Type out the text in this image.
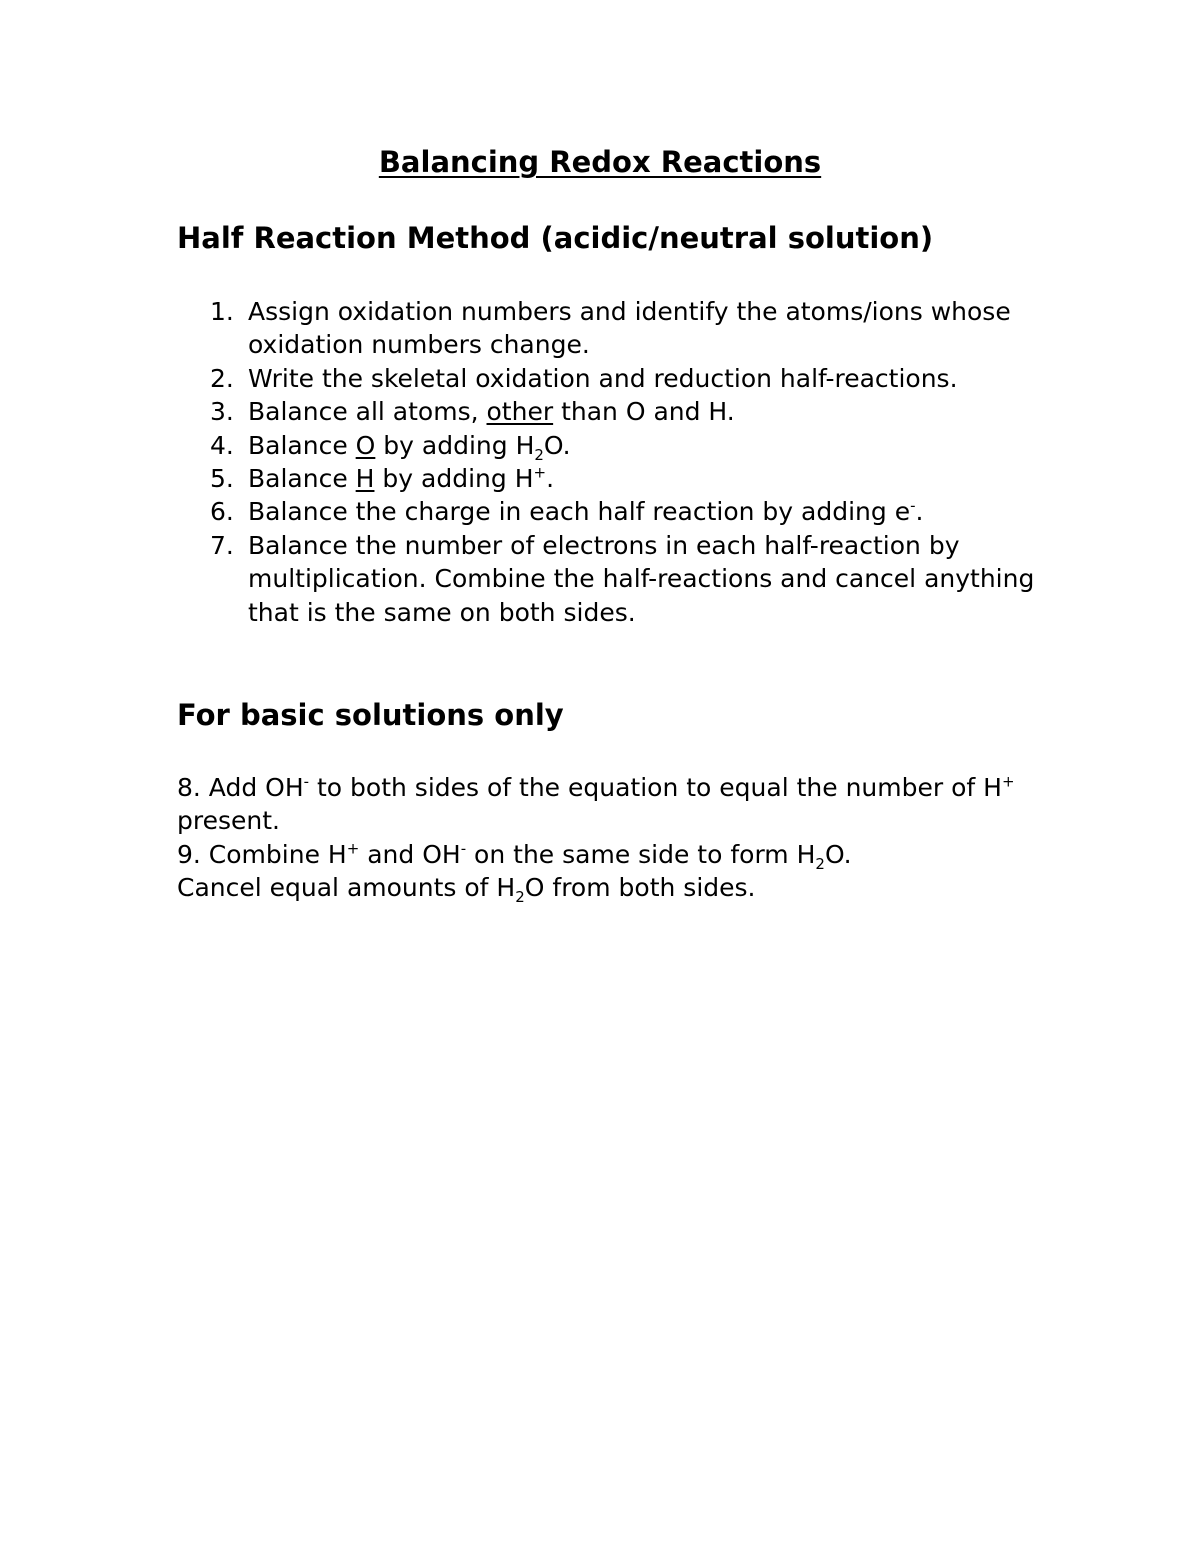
Balancing Redox Reactions
Half Reaction Method (acidic/neutral solution)
1. Assign oxidation numbers and identify the atoms/ions whose oxidation numbers change.
2. Write the skeletal oxidation and reduction half-reactions.
3. Balance all atoms, other than O and H.
4. Balance O by adding $H_2O$.
5. Balance H by adding H+.
6. Balance the charge in each half reaction by adding e-.
7. Balance the number of electrons in each half-reaction by multiplication. Combine the half-reactions and cancel anything that is the same on both sides.
For basic solutions only

8. Add OH- to both sides of the equation to equal the number of H+ present.

9. Combine H+ and OH- on the same side to form $H_2O$.

Cancel equal amounts of $H_2O$ from both sides.
